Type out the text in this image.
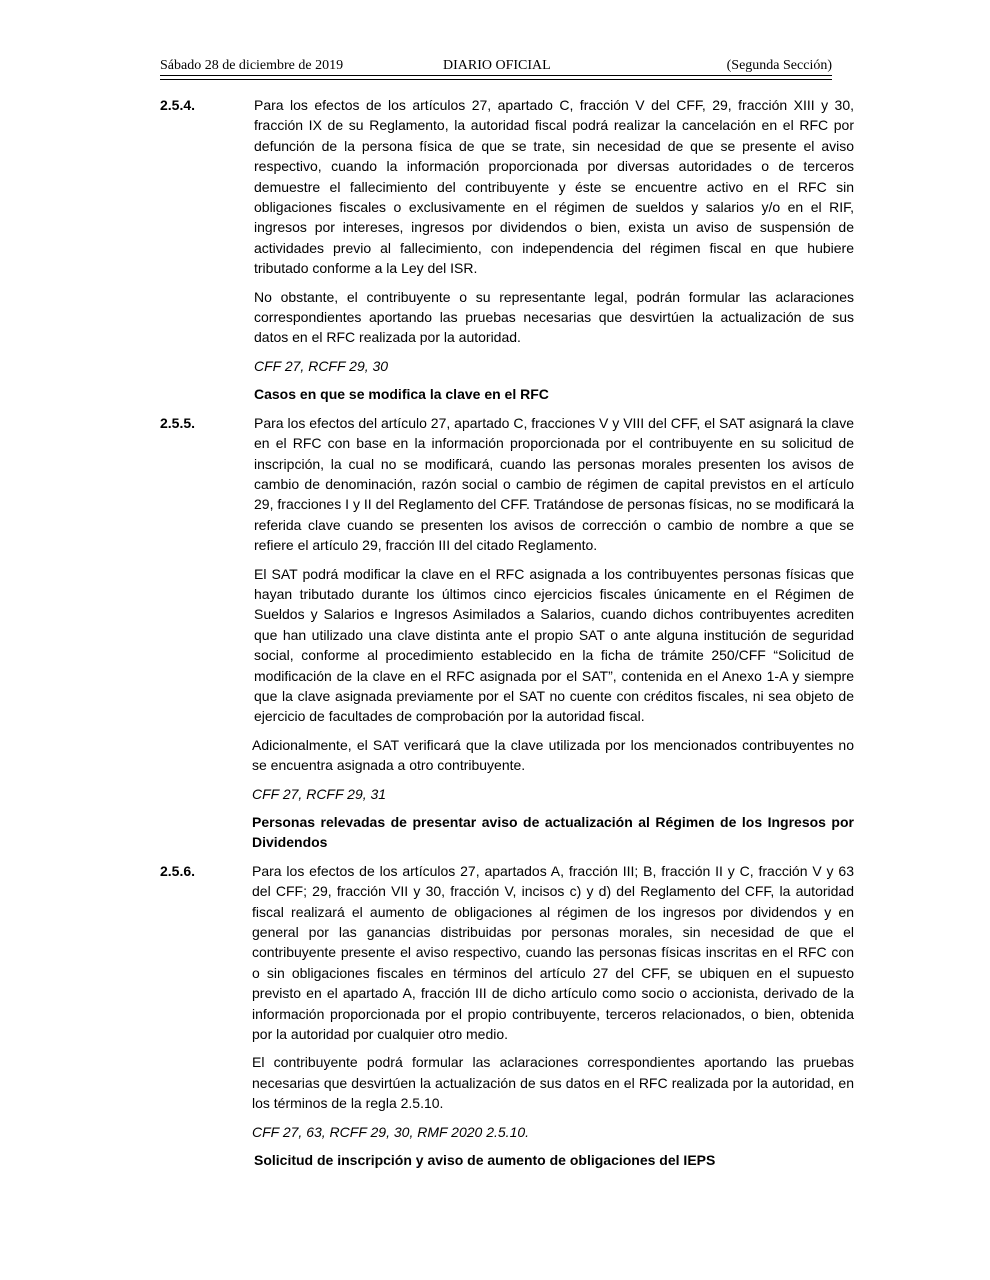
Sábado 28 de diciembre de 2019	DIARIO OFICIAL	(Segunda Sección)
2.5.4.	Para los efectos de los artículos 27, apartado C, fracción V del CFF, 29, fracción XIII y 30, fracción IX de su Reglamento, la autoridad fiscal podrá realizar la cancelación en el RFC por defunción de la persona física de que se trate, sin necesidad de que se presente el aviso respectivo, cuando la información proporcionada por diversas autoridades o de terceros demuestre el fallecimiento del contribuyente y éste se encuentre activo en el RFC sin obligaciones fiscales o exclusivamente en el régimen de sueldos y salarios y/o en el RIF, ingresos por intereses, ingresos por dividendos o bien, exista un aviso de suspensión de actividades previo al fallecimiento, con independencia del régimen fiscal en que hubiere tributado conforme a la Ley del ISR.

No obstante, el contribuyente o su representante legal, podrán formular las aclaraciones correspondientes aportando las pruebas necesarias que desvirtúen la actualización de sus datos en el RFC realizada por la autoridad.

CFF 27, RCFF 29, 30

Casos en que se modifica la clave en el RFC

2.5.5.	Para los efectos del artículo 27, apartado C, fracciones V y VIII del CFF, el SAT asignará la clave en el RFC con base en la información proporcionada por el contribuyente en su solicitud de inscripción, la cual no se modificará, cuando las personas morales presenten los avisos de cambio de denominación, razón social o cambio de régimen de capital previstos en el artículo 29, fracciones I y II del Reglamento del CFF. Tratándose de personas físicas, no se modificará la referida clave cuando se presenten los avisos de corrección o cambio de nombre a que se refiere el artículo 29, fracción III del citado Reglamento.

El SAT podrá modificar la clave en el RFC asignada a los contribuyentes personas físicas que hayan tributado durante los últimos cinco ejercicios fiscales únicamente en el Régimen de Sueldos y Salarios e Ingresos Asimilados a Salarios, cuando dichos contribuyentes acrediten que han utilizado una clave distinta ante el propio SAT o ante alguna institución de seguridad social, conforme al procedimiento establecido en la ficha de trámite 250/CFF “Solicitud de modificación de la clave en el RFC asignada por el SAT”, contenida en el Anexo 1-A y siempre que la clave asignada previamente por el SAT no cuente con créditos fiscales, ni sea objeto de ejercicio de facultades de comprobación por la autoridad fiscal.

Adicionalmente, el SAT verificará que la clave utilizada por los mencionados contribuyentes no se encuentra asignada a otro contribuyente.

CFF 27, RCFF 29, 31

Personas relevadas de presentar aviso de actualización al Régimen de los Ingresos por Dividendos

2.5.6.	Para los efectos de los artículos 27, apartados A, fracción III; B, fracción II y C, fracción V y 63 del CFF; 29, fracción VII y 30, fracción V, incisos c) y d) del Reglamento del CFF, la autoridad fiscal realizará el aumento de obligaciones al régimen de los ingresos por dividendos y en general por las ganancias distribuidas por personas morales, sin necesidad de que el contribuyente presente el aviso respectivo, cuando las personas físicas inscritas en el RFC con o sin obligaciones fiscales en términos del artículo 27 del CFF, se ubiquen en el supuesto previsto en el apartado A, fracción III de dicho artículo como socio o accionista, derivado de la información proporcionada por el propio contribuyente, terceros relacionados, o bien, obtenida por la autoridad por cualquier otro medio.

El contribuyente podrá formular las aclaraciones correspondientes aportando las pruebas necesarias que desvirtúen la actualización de sus datos en el RFC realizada por la autoridad, en los términos de la regla 2.5.10.

CFF 27, 63, RCFF 29, 30, RMF 2020 2.5.10.

Solicitud de inscripción y aviso de aumento de obligaciones del IEPS
